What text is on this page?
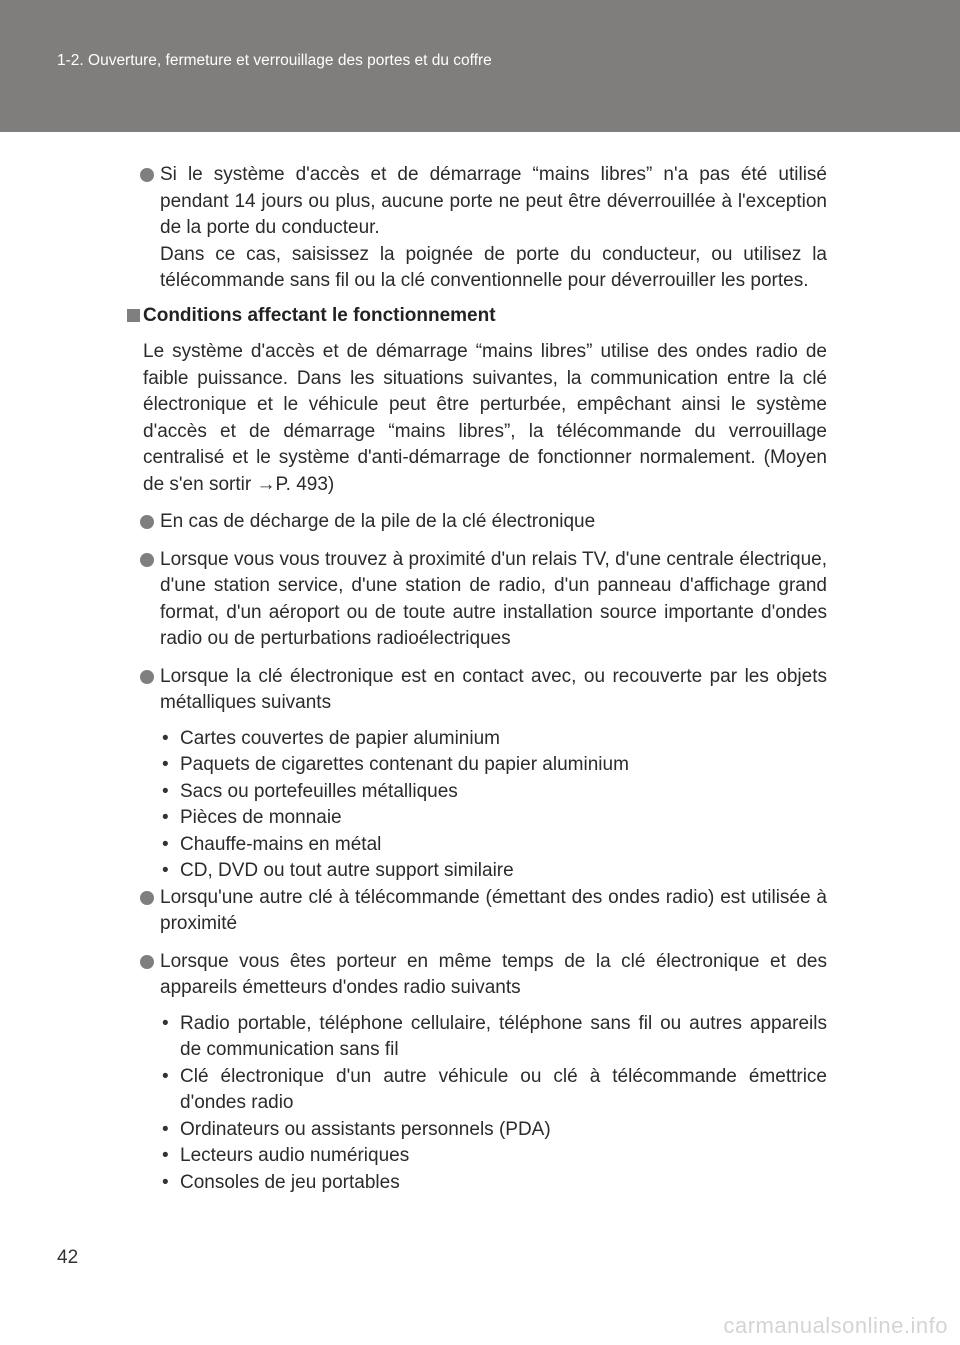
1-2. Ouverture, fermeture et verrouillage des portes et du coffre

Si le système d'accès et de démarrage “mains libres” n'a pas été utilisé pendant 14 jours ou plus, aucune porte ne peut être déverrouillée à l'exception de la porte du conducteur.

Dans ce cas, saisissez la poignée de porte du conducteur, ou utilisez la télécommande sans fil ou la clé conventionnelle pour déverrouiller les portes.

Conditions affectant le fonctionnement
Le système d'accès et de démarrage “mains libres” utilise des ondes radio de faible puissance. Dans les situations suivantes, la communication entre la clé électronique et le véhicule peut être perturbée, empêchant ainsi le système d'accès et de démarrage “mains libres”, la télécommande du verrouillage centralisé et le système d'anti-démarrage de fonctionner normalement. (Moyen de s'en sortir →P. 493)

En cas de décharge de la pile de la clé électronique

Lorsque vous vous trouvez à proximité d'un relais TV, d'une centrale électrique, d'une station service, d'une station de radio, d'un panneau d'affichage grand format, d'un aéroport ou de toute autre installation source importante d'ondes radio ou de perturbations radioélectriques

Lorsque la clé électronique est en contact avec, ou recouverte par les objets métalliques suivants

• Cartes couvertes de papier aluminium
• Paquets de cigarettes contenant du papier aluminium
• Sacs ou portefeuilles métalliques
• Pièces de monnaie
• Chauffe-mains en métal
• CD, DVD ou tout autre support similaire

Lorsqu'une autre clé à télécommande (émettant des ondes radio) est utilisée à proximité

Lorsque vous êtes porteur en même temps de la clé électronique et des appareils émetteurs d'ondes radio suivants

• Radio portable, téléphone cellulaire, téléphone sans fil ou autres appareils de communication sans fil
• Clé électronique d'un autre véhicule ou clé à télécommande émettrice d'ondes radio
• Ordinateurs ou assistants personnels (PDA)
• Lecteurs audio numériques
• Consoles de jeu portables
42
carmanualsonline.info
